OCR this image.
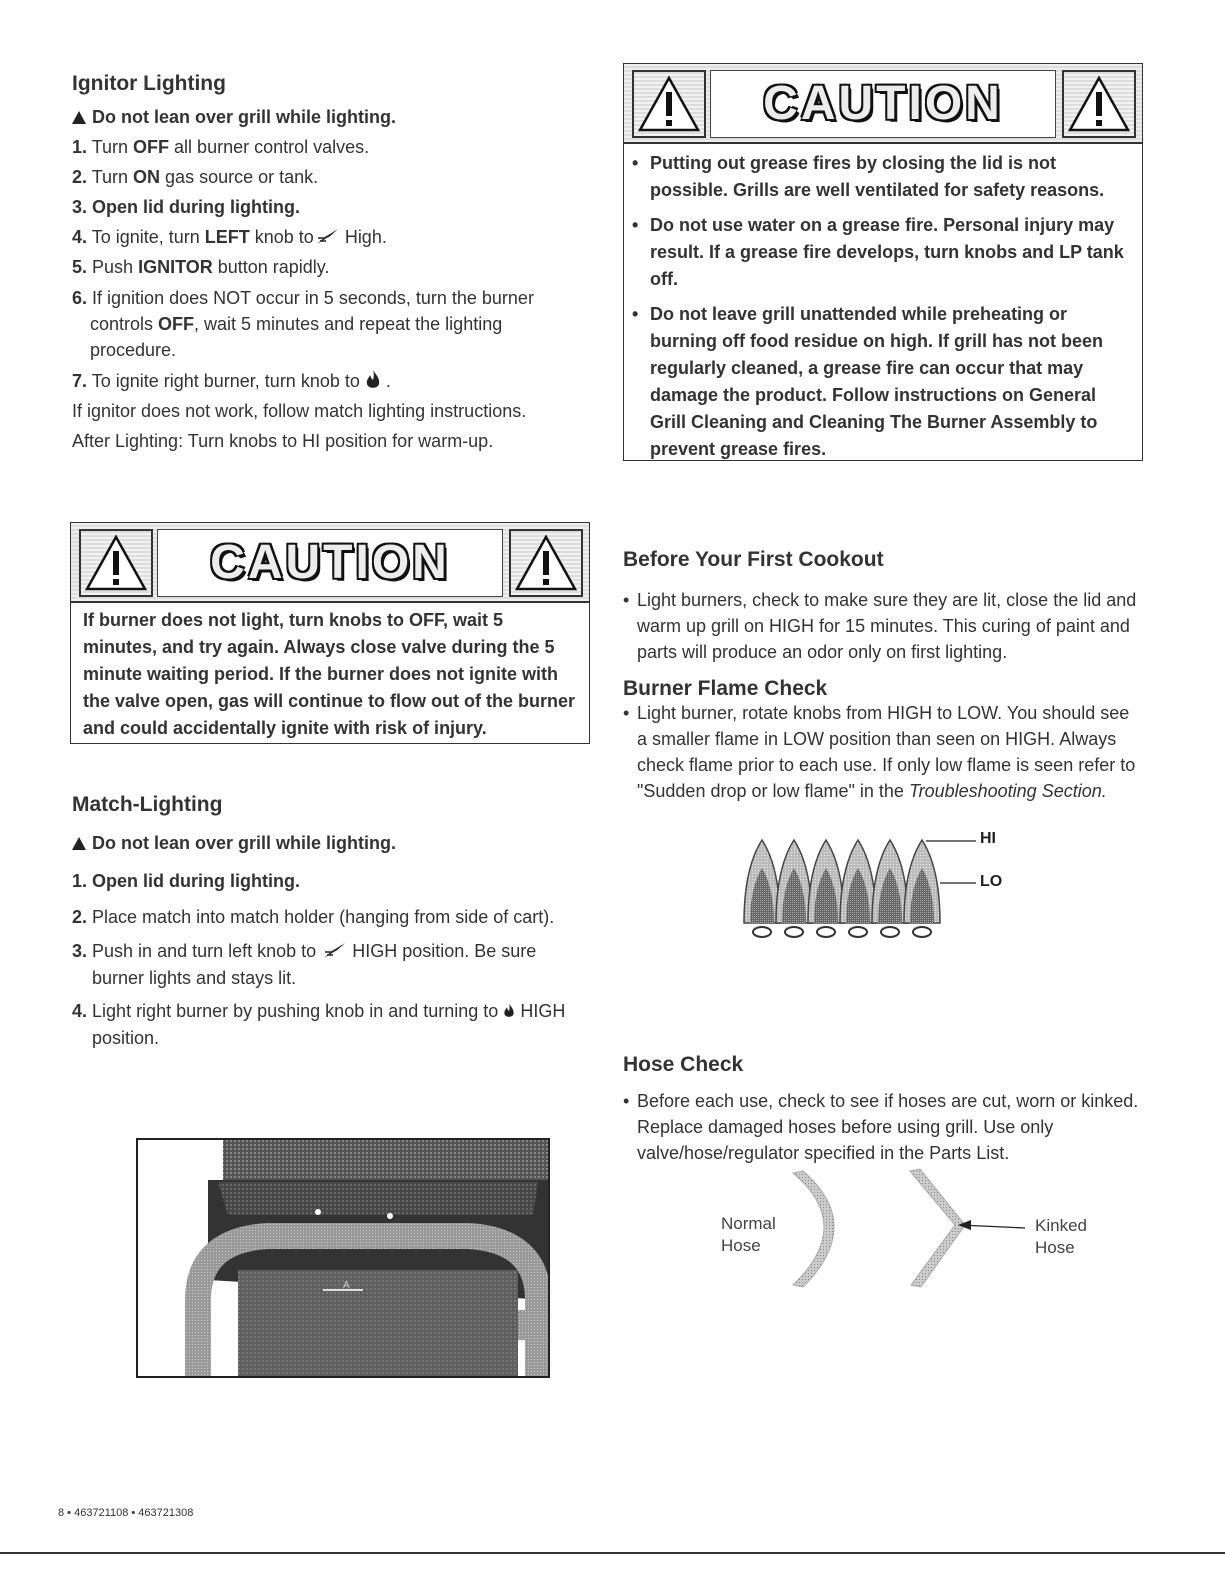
Ignitor Lighting
Do not lean over grill while lighting.
1. Turn OFF all burner control valves.
2. Turn ON gas source or tank.
3. Open lid during lighting.
4. To ignite, turn LEFT knob to High.
5. Push IGNITOR button rapidly.
6. If ignition does NOT occur in 5 seconds, turn the burner
controls OFF, wait 5 minutes and repeat the lighting
procedure.
7. To ignite right burner, turn knob to  .
If ignitor does not work, follow match lighting instructions.
After Lighting: Turn knobs to HI position for warm-up.
CAUTION
• Putting out grease fires by closing the lid is not
possible. Grills are well ventilated for safety reasons.
• Do not use water on a grease fire. Personal injury may
result. If a grease fire develops, turn knobs and LP tank
off.
• Do not leave grill unattended while preheating or
burning off food residue on high. If grill has not been
regularly cleaned, a grease fire can occur that may
damage the product. Follow instructions on General
Grill Cleaning and Cleaning The Burner Assembly to
prevent grease fires.
CAUTION
If burner does not light, turn knobs to OFF, wait 5
minutes, and try again. Always close valve during the 5
minute waiting period. If the burner does not ignite with
the valve open, gas will continue to flow out of the burner
and could accidentally ignite with risk of injury.
Match-Lighting
Do not lean over grill while lighting.
1. Open lid during lighting.
2. Place match into match holder (hanging from side of cart).
3. Push in and turn left knob to HIGH position. Be sure
burner lights and stays lit.
4. Light right burner by pushing knob in and turning to HIGH
position.
A
Before Your First Cookout
• Light burners, check to make sure they are lit, close the lid and
warm up grill on HIGH for 15 minutes. This curing of paint and
parts will produce an odor only on first lighting.
Burner Flame Check
• Light burner, rotate knobs from HIGH to LOW. You should see
a smaller flame in LOW position than seen on HIGH. Always
check flame prior to each use. If only low flame is seen refer to
"Sudden drop or low flame" in the Troubleshooting Section.
HI
LO
Hose Check
• Before each use, check to see if hoses are cut, worn or kinked.
Replace damaged hoses before using grill. Use only
valve/hose/regulator specified in the Parts List.
Normal
Hose
Kinked
Hose
8 • 463721108 • 463721308
